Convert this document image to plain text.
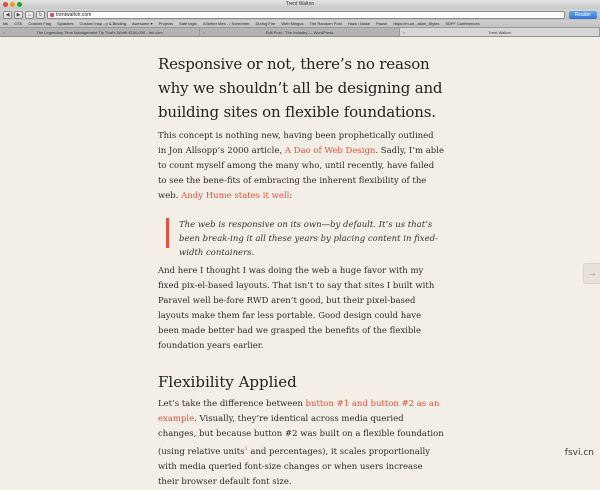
Trent Walton
◀	▶	⌂	↻	trentwalton.com	Reader
lnk CSS Custom Flag Splashes Custom Insp - p & Binding Awesome ▾ Projects Safe login A Better Mex - / Schechter During Fire Web Mingus The Random Post Hack / Make Pause https://m.uri...ation_Styles SDFF Conferences
×	The Legendary Time Management Tip That's Worth $150,000 - Inc.com	×	Edit Post · The Industry — WordPress	×	Trent Walton
Responsive or not, there’s no reason why we shouldn’t all be designing and building sites on flexible foundations.

This concept is nothing new, having been prophetically outlined in Jon Allsopp’s 2000 article, A Dao of Web Design. Sadly, I’m able to count myself among the many who, until recently, have failed to see the bene-fits of embracing the inherent flexibility of the web. Andy Hume states it well:

The web is responsive on its own—by default. It’s us that’s been break-ing it all these years by placing content in fixed-width containers.

And here I thought I was doing the web a huge favor with my fixed pix-el-based layouts. That isn’t to say that sites I built with Paravel well be-fore RWD aren’t good, but their pixel-based layouts make them far less portable. Good design could have been made better had we grasped the benefits of the flexible foundation years earlier.

Flexibility Applied

Let’s take the difference between button #1 and button #2 as an example. Visually, they’re identical across media queried changes, but because button #2 was built on a flexible foundation (using relative units$^1$ and percentages), it scales proportionally with media queried font-size changes or when users increase their browser default font size.

→
fsvi.cn
